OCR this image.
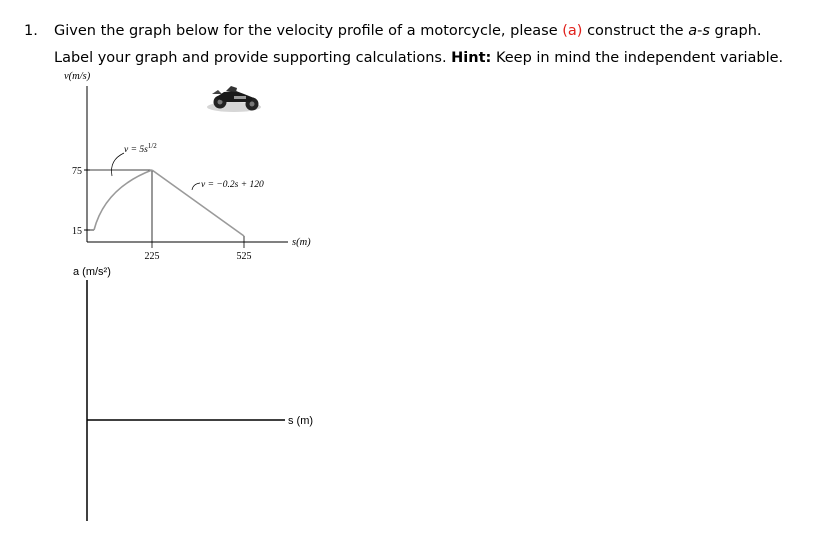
1. Given the graph below for the velocity profile of a motorcycle, please (a) construct the a-s graph. Label your graph and provide supporting calculations. Hint: Keep in mind the independent variable.
v(m/s)
s(m)
75
15
225	525
$v = 5s^{1/2}$
v = −0.2s + 120
a (m/s²)
s (m)
